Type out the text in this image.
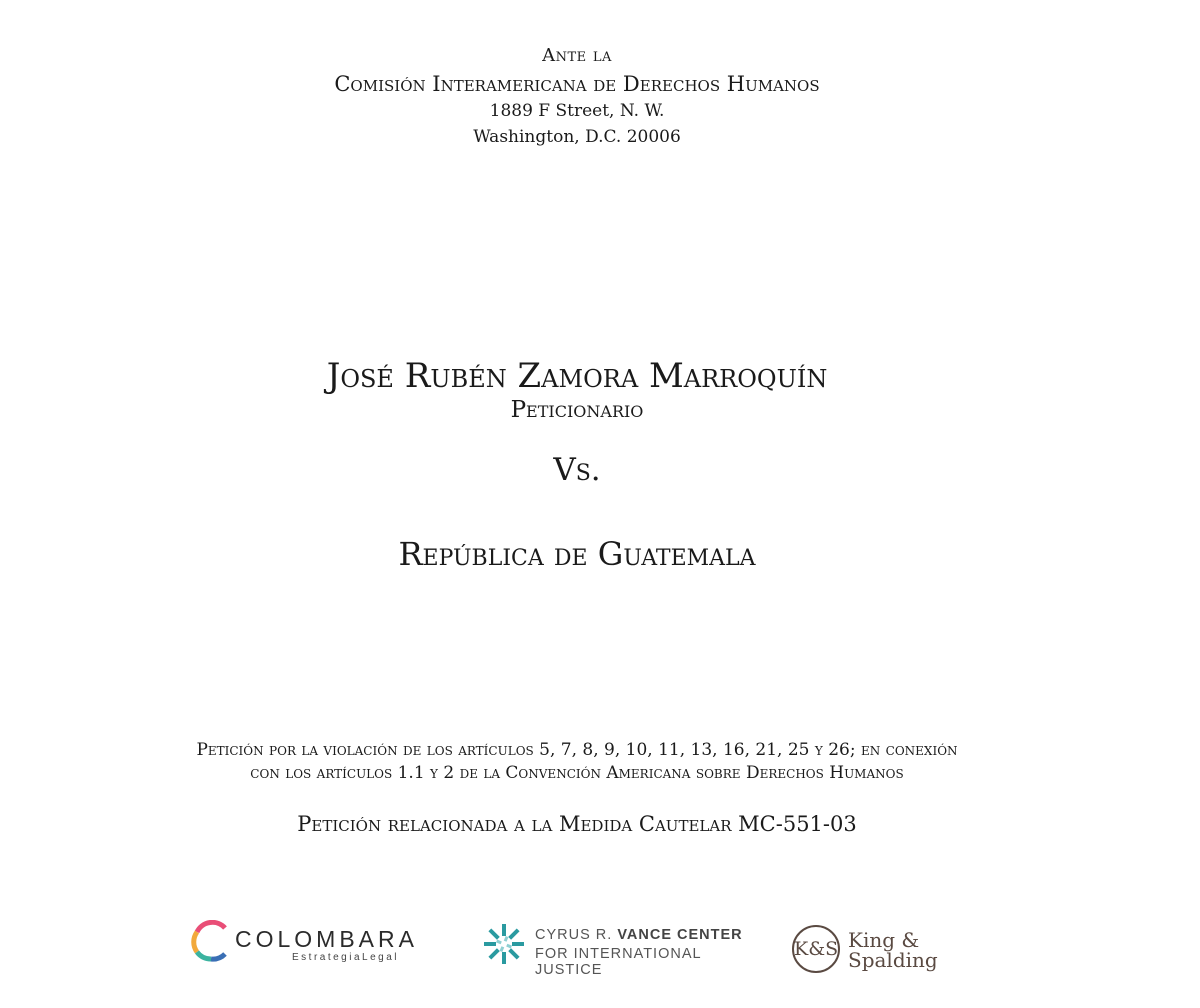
Ante la
Comisión Interamericana de Derechos Humanos
1889 F Street, N. W.
Washington, D.C. 20006
José Rubén Zamora Marroquín
Peticionario
Vs.
República de Guatemala
Petición por la violación de los artículos 5, 7, 8, 9, 10, 11, 13, 16, 21, 25 y 26; en conexión
con los artículos 1.1 y 2 de la Convención Americana sobre Derechos Humanos
Petición relacionada a la Medida Cautelar MC-551-03
COLOMBARA
EstrategiaLegal
CYRUS R. VANCE CENTER
FOR INTERNATIONAL JUSTICE
K&S King &
Spalding
